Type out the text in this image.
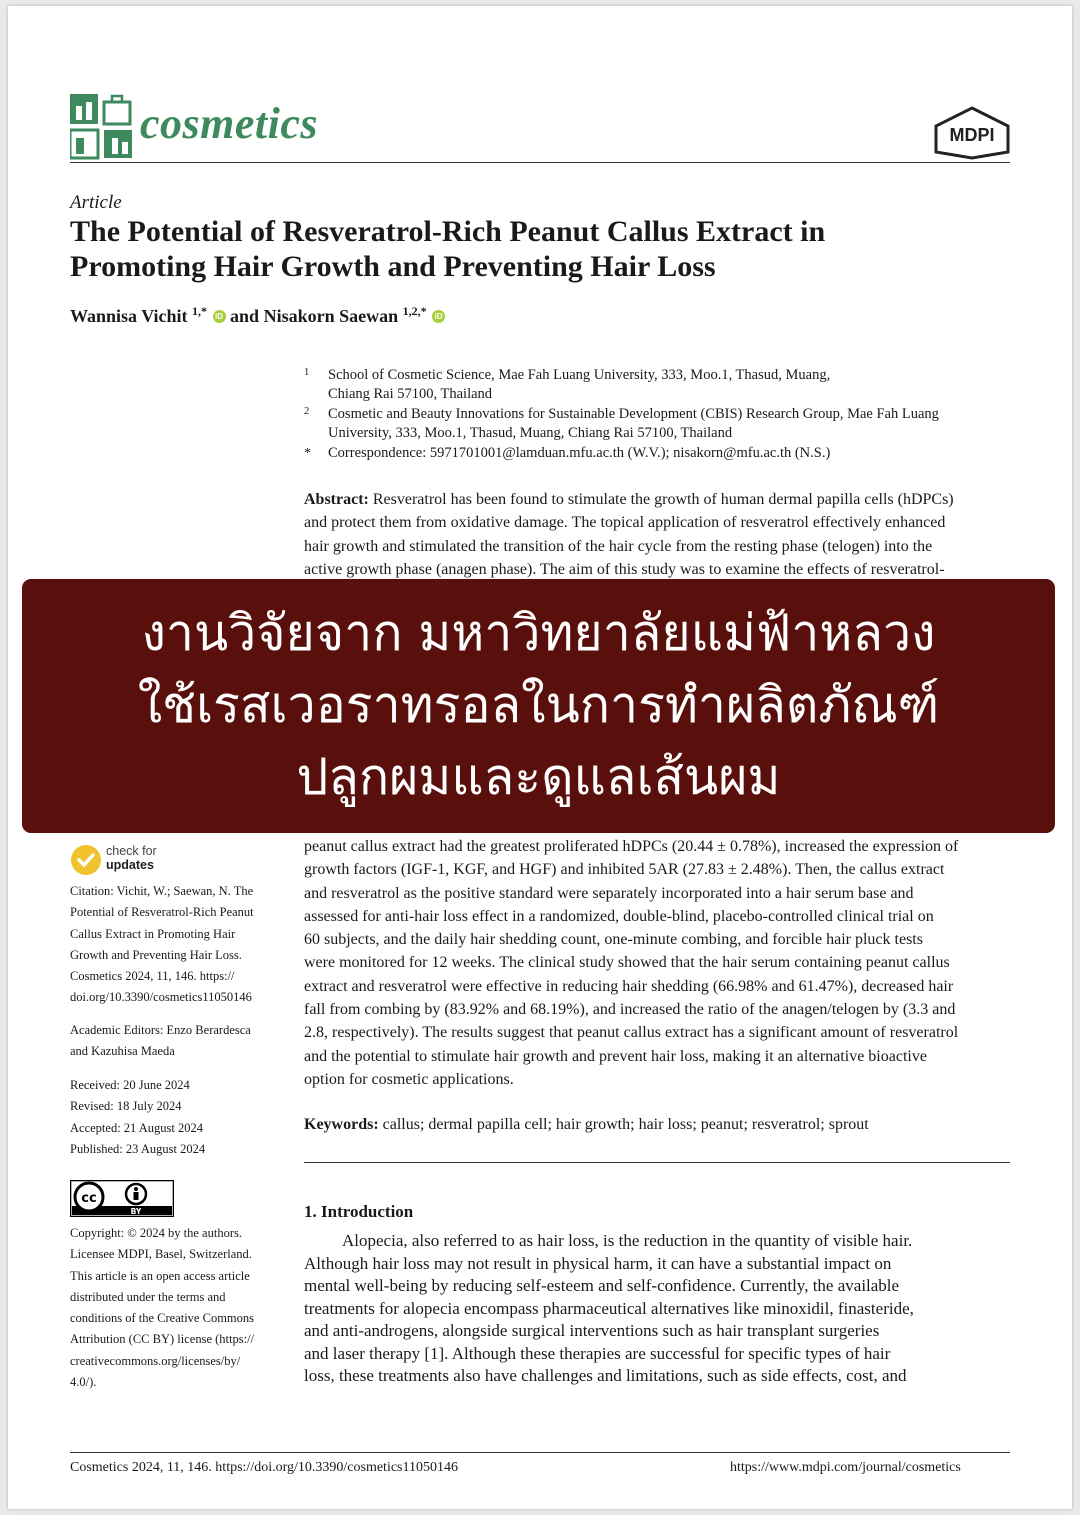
cosmetics	MDPI
Article
The Potential of Resveratrol-Rich Peanut Callus Extract in
Promoting Hair Growth and Preventing Hair Loss
Wannisa Vichit $^{1,*}$ iD and Nisakorn Saewan $^{1,2,*}$ iD
1	School of Cosmetic Science, Mae Fah Luang University, 333, Moo.1, Thasud, Muang,
Chiang Rai 57100, Thailand
2	Cosmetic and Beauty Innovations for Sustainable Development (CBIS) Research Group, Mae Fah Luang
University, 333, Moo.1, Thasud, Muang, Chiang Rai 57100, Thailand
*	Correspondence: 5971701001@lamduan.mfu.ac.th (W.V.); nisakorn@mfu.ac.th (N.S.)
Abstract: Resveratrol has been found to stimulate the growth of human dermal papilla cells (hDPCs)
and protect them from oxidative damage. The topical application of resveratrol effectively enhanced
hair growth and stimulated the transition of the hair cycle from the resting phase (telogen) into the
active growth phase (anagen phase). The aim of this study was to examine the effects of resveratrol-
peanut callus extract had the greatest proliferated hDPCs (20.44 ± 0.78%), increased the expression of
growth factors (IGF-1, KGF, and HGF) and inhibited 5AR (27.83 ± 2.48%). Then, the callus extract
and resveratrol as the positive standard were separately incorporated into a hair serum base and
assessed for anti-hair loss effect in a randomized, double-blind, placebo-controlled clinical trial on
60 subjects, and the daily hair shedding count, one-minute combing, and forcible hair pluck tests
were monitored for 12 weeks. The clinical study showed that the hair serum containing peanut callus
extract and resveratrol were effective in reducing hair shedding (66.98% and 61.47%), decreased hair
fall from combing by (83.92% and 68.19%), and increased the ratio of the anagen/telogen by (3.3 and
2.8, respectively). The results suggest that peanut callus extract has a significant amount of resveratrol
and the potential to stimulate hair growth and prevent hair loss, making it an alternative bioactive
option for cosmetic applications.
Keywords: callus; dermal papilla cell; hair growth; hair loss; peanut; resveratrol; sprout
1. Introduction
Alopecia, also referred to as hair loss, is the reduction in the quantity of visible hair.
Although hair loss may not result in physical harm, it can have a substantial impact on
mental well-being by reducing self-esteem and self-confidence. Currently, the available
treatments for alopecia encompass pharmaceutical alternatives like minoxidil, finasteride,
and anti-androgens, alongside surgical interventions such as hair transplant surgeries
and laser therapy [1]. Although these therapies are successful for specific types of hair
loss, these treatments also have challenges and limitations, such as side effects, cost, and
check for
updates
Citation: Vichit, W.; Saewan, N. The
Potential of Resveratrol-Rich Peanut
Callus Extract in Promoting Hair
Growth and Preventing Hair Loss.
Cosmetics 2024, 11, 146. https://
doi.org/10.3390/cosmetics11050146
Academic Editors: Enzo Berardesca
and Kazuhisa Maeda
Received: 20 June 2024
Revised: 18 July 2024
Accepted: 21 August 2024
Published: 23 August 2024
cc
BY
Copyright: © 2024 by the authors.
Licensee MDPI, Basel, Switzerland.
This article is an open access article
distributed under the terms and
conditions of the Creative Commons
Attribution (CC BY) license (https://
creativecommons.org/licenses/by/
4.0/).
Cosmetics 2024, 11, 146. https://doi.org/10.3390/cosmetics11050146	https://www.mdpi.com/journal/cosmetics
งานวิจัยจาก มหาวิทยาลัยแม่ฟ้าหลวง
ใช้เรสเวอราทรอลในการทำผลิตภัณฑ์
ปลูกผมและดูแลเส้นผม
